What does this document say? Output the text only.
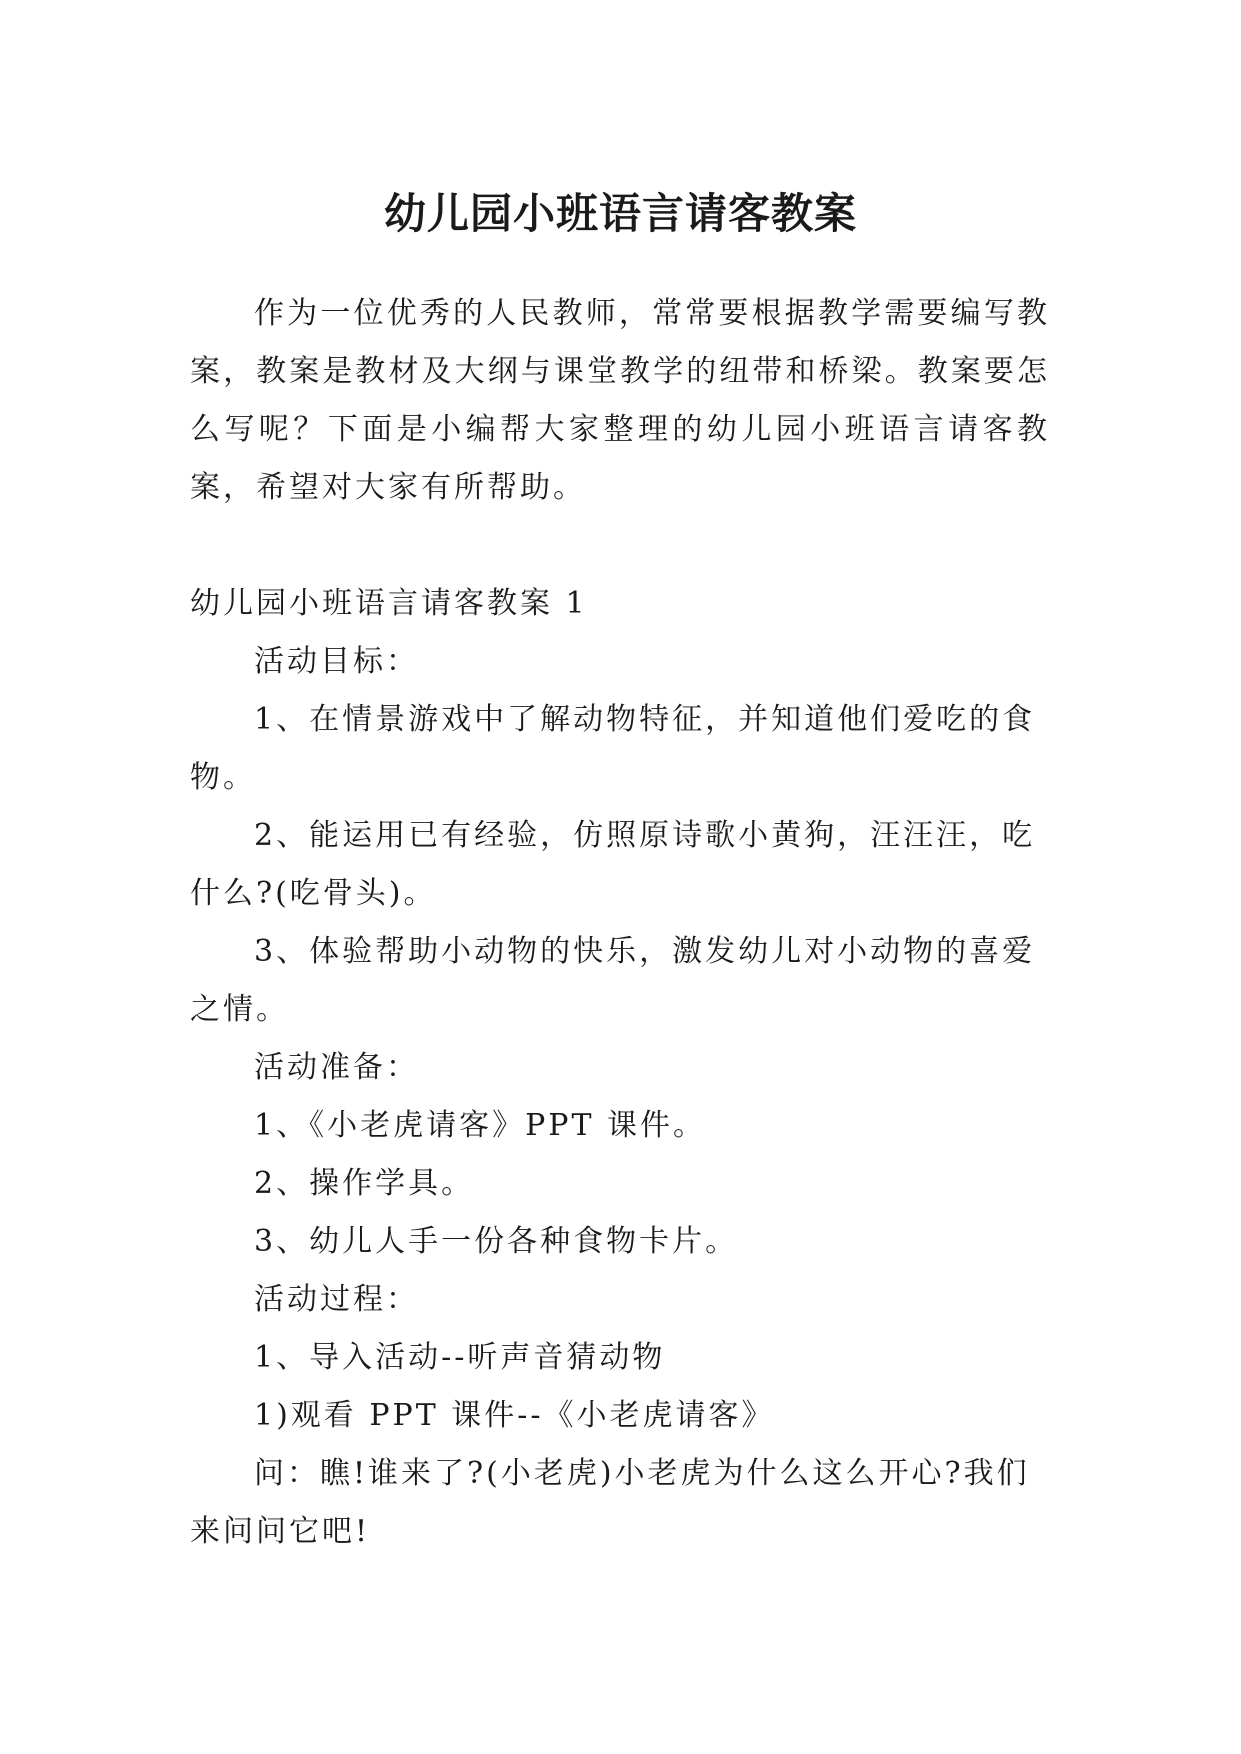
幼儿园小班语言请客教案

作为一位优秀的人民教师，常常要根据教学需要编写教案，教案是教材及大纲与课堂教学的纽带和桥梁。教案要怎么写呢？下面是小编帮大家整理的幼儿园小班语言请客教案，希望对大家有所帮助。

幼儿园小班语言请客教案 1

活动目标：

1、在情景游戏中了解动物特征，并知道他们爱吃的食物。

2、能运用已有经验，仿照原诗歌小黄狗，汪汪汪，吃什么?(吃骨头)。

3、体验帮助小动物的快乐，激发幼儿对小动物的喜爱之情。

活动准备：

1、《小老虎请客》PPT 课件。

2、操作学具。

3、幼儿人手一份各种食物卡片。

活动过程：

1、导入活动--听声音猜动物

1)观看 PPT 课件--《小老虎请客》

问：瞧!谁来了?(小老虎)小老虎为什么这么开心?我们来问问它吧!
